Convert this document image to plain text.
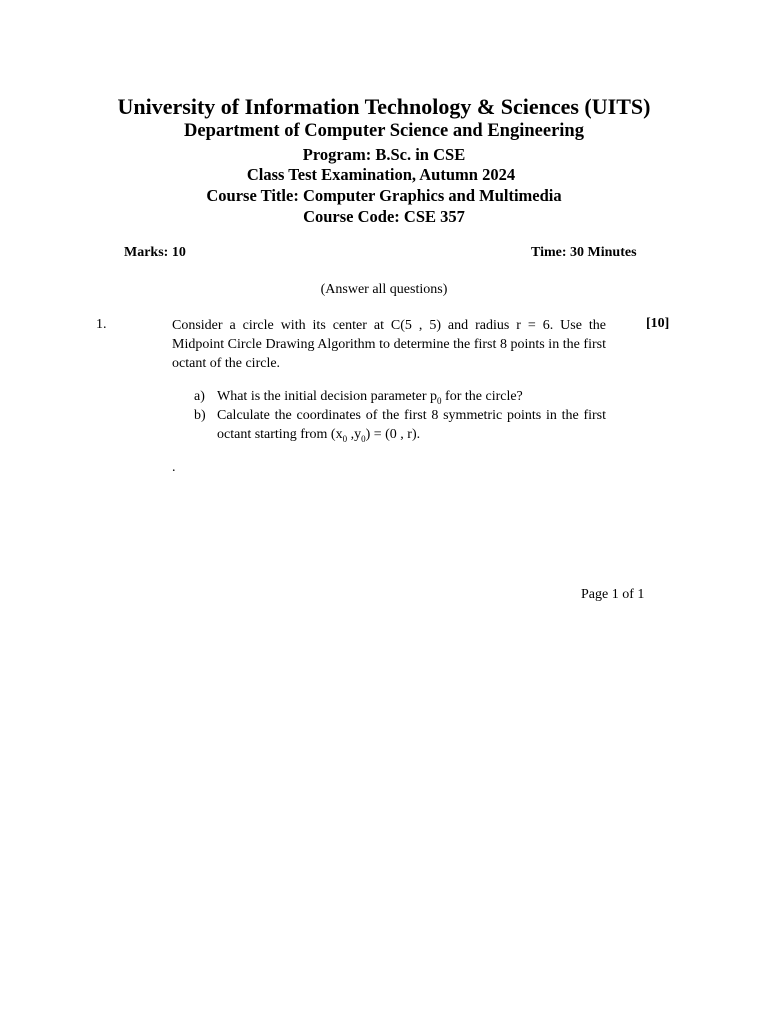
University of Information Technology & Sciences (UITS)
Department of Computer Science and Engineering
Program: B.Sc. in CSE
Class Test Examination, Autumn 2024
Course Title: Computer Graphics and Multimedia
Course Code: CSE 357
Marks: 10	Time: 30 Minutes
(Answer all questions)
1.	Consider a circle with its center at C(5 , 5) and radius r = 6. Use the Midpoint Circle Drawing Algorithm to determine the first 8 points in the first octant of the circle.
[10]
a) What is the initial decision parameter $p_0$ for the circle?
b) Calculate the coordinates of the first 8 symmetric points in the first octant starting from ($x_0$ $,y_0) = (0$ , r).
.
Page 1 of 1
